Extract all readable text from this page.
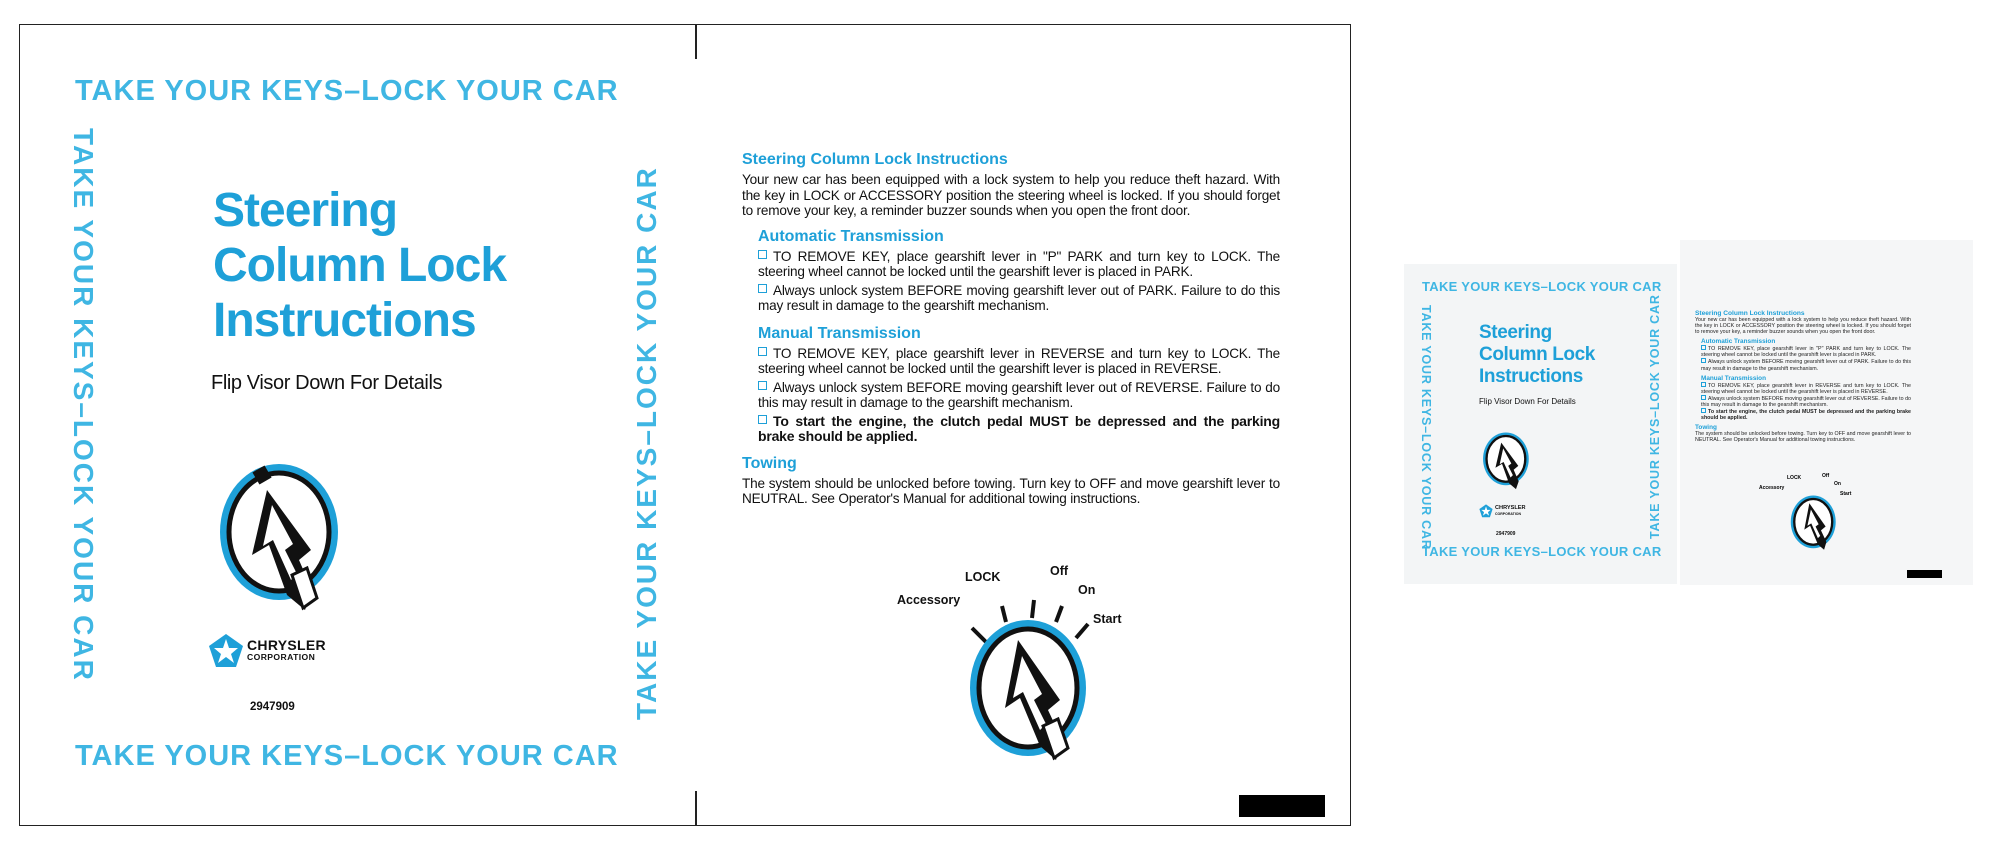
TAKE YOUR KEYS–LOCK YOUR CAR
TAKE YOUR KEYS–LOCK YOUR CAR
TAKE YOUR KEYS–LOCK YOUR CAR	TAKE YOUR KEYS–LOCK YOUR CAR
Steering
Column Lock
Instructions
Flip Visor Down For Details
CHRYSLER
CORPORATION
2947909
Steering Column Lock Instructions
Your new car has been equipped with a lock system to help you reduce theft hazard. With the key in LOCK or ACCESSORY position the steering wheel is locked. If you should forget to remove your key, a reminder buzzer sounds when you open the front door.
Automatic Transmission
TO REMOVE KEY, place gearshift lever in "P" PARK and turn key to LOCK. The steering wheel cannot be locked until the gearshift lever is placed in PARK.
Always unlock system BEFORE moving gearshift lever out of PARK. Failure to do this may result in damage to the gearshift mechanism.
Manual Transmission
TO REMOVE KEY, place gearshift lever in REVERSE and turn key to LOCK. The steering wheel cannot be locked until the gearshift lever is placed in REVERSE.
Always unlock system BEFORE moving gearshift lever out of REVERSE. Failure to do this may result in damage to the gearshift mechanism.
To start the engine, the clutch pedal MUST be depressed and the parking brake should be applied.
Towing
The system should be unlocked before towing. Turn key to OFF and move gearshift lever to NEUTRAL. See Operator's Manual for additional towing instructions.
LOCK	Off
On
Accessory
Start
TAKE YOUR KEYS–LOCK YOUR CAR
TAKE YOUR KEYS–LOCK YOUR CAR
TAKE YOUR KEYS–LOCK YOUR CAR	TAKE YOUR KEYS–LOCK YOUR CAR
Steering
Column Lock
Instructions
Flip Visor Down For Details
CHRYSLER
CORPORATION
2947909
Steering Column Lock Instructions
Your new car has been equipped with a lock system to help you reduce theft hazard. With the key in LOCK or ACCESSORY position the steering wheel is locked. If you should forget to remove your key, a reminder buzzer sounds when you open the front door.
Automatic Transmission
TO REMOVE KEY, place gearshift lever in "P" PARK and turn key to LOCK. The steering wheel cannot be locked until the gearshift lever is placed in PARK.
Always unlock system BEFORE moving gearshift lever out of PARK. Failure to do this may result in damage to the gearshift mechanism.
Manual Transmission
TO REMOVE KEY, place gearshift lever in REVERSE and turn key to LOCK. The steering wheel cannot be locked until the gearshift lever is placed in REVERSE.
Always unlock system BEFORE moving gearshift lever out of REVERSE. Failure to do this may result in damage to the gearshift mechanism.
To start the engine, the clutch pedal MUST be depressed and the parking brake should be applied.
Towing
The system should be unlocked before towing. Turn key to OFF and move gearshift lever to NEUTRAL. See Operator's Manual for additional towing instructions.
LOCK	Off
On
Accessory
Start
